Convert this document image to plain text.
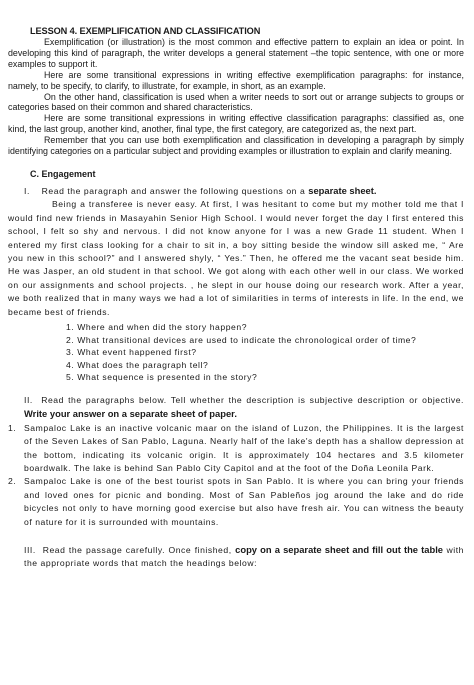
LESSON 4. EXEMPLIFICATION AND CLASSIFICATION

Exemplification (or illustration) is the most common and effective pattern to explain an idea or point. In developing this kind of paragraph, the writer develops a general statement –the topic sentence, with one or more examples to support it.

Here are some transitional expressions in writing effective exemplification paragraphs: for instance, namely, to be specify, to clarify, to illustrate, for example, in short, as an example.

On the other hand, classification is used when a writer needs to sort out or arrange subjects to groups or categories based on their common and shared characteristics.

Here are some transitional expressions in writing effective classification paragraphs: classified as, one kind, the last group, another kind, another, final type, the first category, are categorized as, the next part.

Remember that you can use both exemplification and classification in developing a paragraph by simply identifying categories on a particular subject and providing examples or illustration to explain and clarify meaning.

C. Engagement

I. Read the paragraph and answer the following questions on a separate sheet.

Being a transferee is never easy. At first, I was hesitant to come but my mother told me that I would find new friends in Masayahin Senior High School. I would never forget the day I first entered this school, I felt so shy and nervous. I did not know anyone for I was a new Grade 11 student. When I entered my first class looking for a chair to sit in, a boy sitting beside the window sill asked me, “ Are you new in this school?” and I answered shyly, “ Yes.” Then, he offered me the vacant seat beside him. He was Jasper, an old student in that school. We got along with each other well in our class. We worked on our assignments and school projects. , he slept in our house doing our research work. After a year, we both realized that in many ways we had a lot of similarities in terms of interests in life. In the end, we became best of friends.

1. Where and when did the story happen?
2. What transitional devices are used to indicate the chronological order of time?
3. What event happened first?
4. What does the paragraph tell?
5. What sequence is presented in the story?

II. Read the paragraphs below. Tell whether the description is subjective description or objective. Write your answer on a separate sheet of paper.

1. Sampaloc Lake is an inactive volcanic maar on the island of Luzon, the Philippines. It is the largest of the Seven Lakes of San Pablo, Laguna. Nearly half of the lake's depth has a shallow depression at the bottom, indicating its volcanic origin. It is approximately 104 hectares and 3.5 kilometer boardwalk. The lake is behind San Pablo City Capitol and at the foot of the Doña Leonila Park.
2. Sampaloc Lake is one of the best tourist spots in San Pablo. It is where you can bring your friends and loved ones for picnic and bonding. Most of San Pableños jog around the lake and do ride bicycles not only to have morning good exercise but also have fresh air. You can witness the beauty of nature for it is surrounded with mountains.

III. Read the passage carefully. Once finished, copy on a separate sheet and fill out the table with the appropriate words that match the headings below:
